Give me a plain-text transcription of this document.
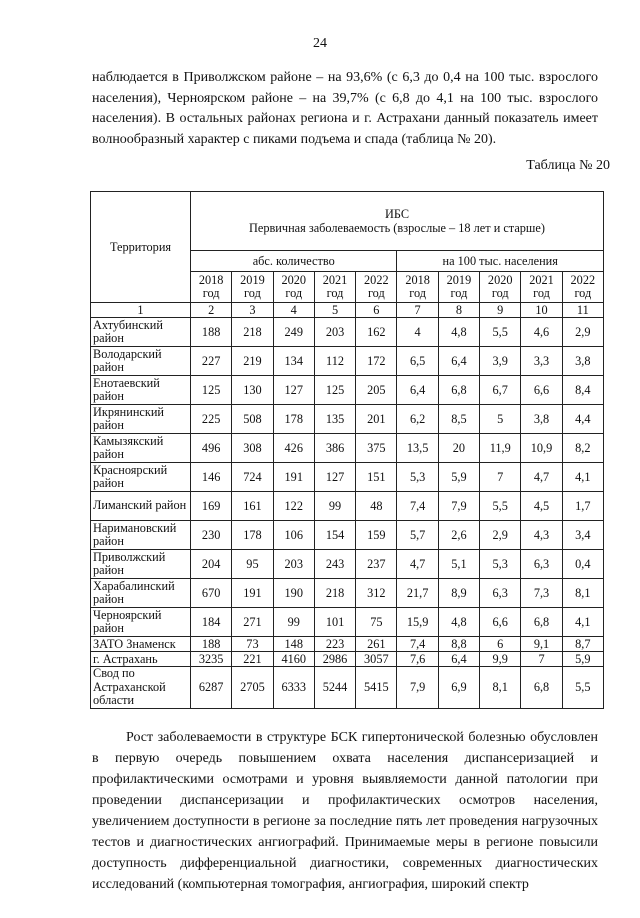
24

наблюдается в Приволжском районе – на 93,6% (с 6,3 до 0,4 на 100 тыс. взрослого населения), Черноярском районе – на 39,7% (с 6,8 до 4,1 на 100 тыс. взрослого населения). В остальных районах региона и г. Астрахани данный показатель имеет волнообразный характер с пиками подъема и спада (таблица № 20).

Таблица № 20
Территория	ИБС
Первичная заболеваемость (взрослые – 18 лет и старше)									

	абс. количество					на 100 тыс. населения				
	2018 год	2019 год	2020 год	2021 год	2022 год	2018 год	2019 год	2020 год	2021 год	2022 год
1	2	3	4	5	6	7	8	9	10	11
Ахтубинский район	188	218	249	203	162	4	4,8	5,5	4,6	2,9
Володарский район	227	219	134	112	172	6,5	6,4	3,9	3,3	3,8
Енотаевский район	125	130	127	125	205	6,4	6,8	6,7	6,6	8,4
Икрянинский район	225	508	178	135	201	6,2	8,5	5	3,8	4,4
Камызякский район	496	308	426	386	375	13,5	20	11,9	10,9	8,2
Красноярский район	146	724	191	127	151	5,3	5,9	7	4,7	4,1
Лиманский район	169	161	122	99	48	7,4	7,9	5,5	4,5	1,7
Наримановский район	230	178	106	154	159	5,7	2,6	2,9	4,3	3,4
Приволжский район	204	95	203	243	237	4,7	5,1	5,3	6,3	0,4
Харабалинский район	670	191	190	218	312	21,7	8,9	6,3	7,3	8,1
Черноярский район	184	271	99	101	75	15,9	4,8	6,6	6,8	4,1
ЗАТО Знаменск	188	73	148	223	261	7,4	8,8	6	9,1	8,7
г. Астрахань	3235	221	4160	2986	3057	7,6	6,4	9,9	7	5,9
Свод по Астраханской области	6287	2705	6333	5244	5415	7,9	6,9	8,1	6,8	5,5

Рост заболеваемости в структуре БСК гипертонической болезнью обусловлен в первую очередь повышением охвата населения диспансеризацией и профилактическими осмотрами и уровня выявляемости данной патологии при проведении диспансеризации и профилактических осмотров населения, увеличением доступности в регионе за последние пять лет проведения нагрузочных тестов и диагностических ангиографий. Принимаемые меры в регионе повысили доступность дифференциальной диагностики, современных диагностических исследований (компьютерная томография, ангиография, широкий спектр
